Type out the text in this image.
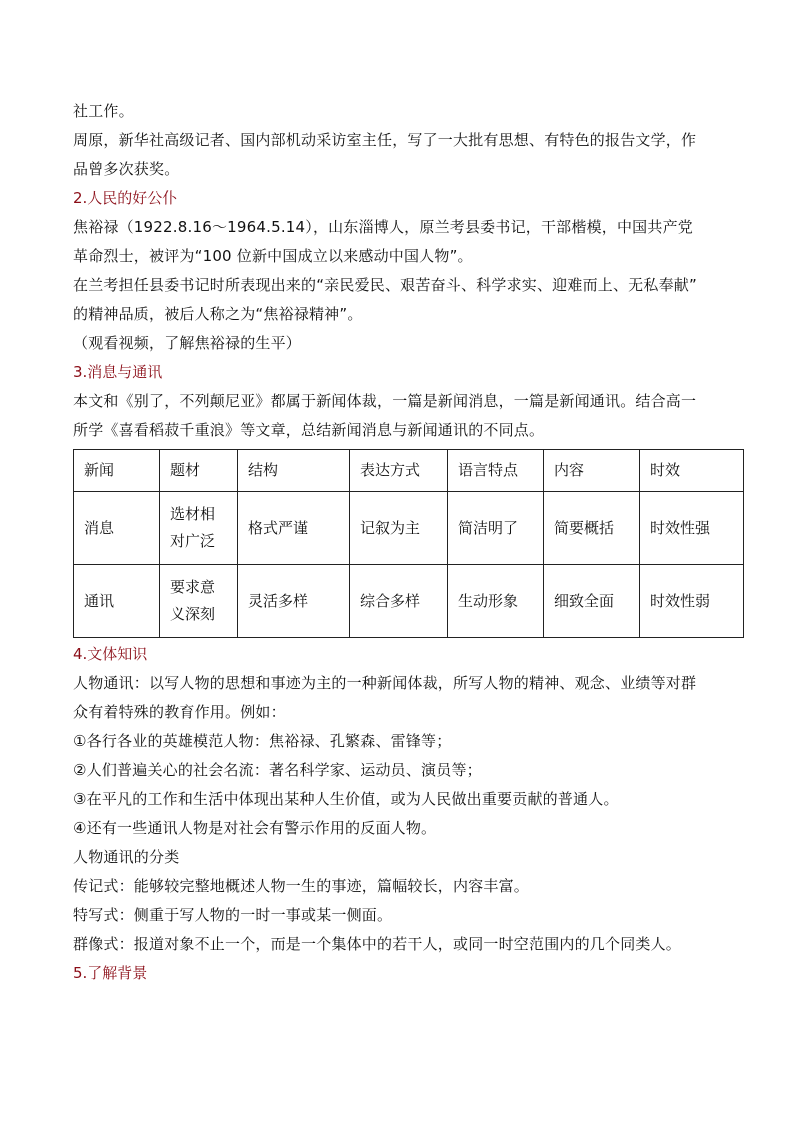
社工作。

周原，新华社高级记者、国内部机动采访室主任，写了一大批有思想、有特色的报告文学，作

品曾多次获奖。

2.人民的好公仆

焦裕禄（1922.8.16～1964.5.14），山东淄博人，原兰考县委书记，干部楷模，中国共产党

革命烈士，被评为“100 位新中国成立以来感动中国人物”。

在兰考担任县委书记时所表现出来的“亲民爱民、艰苦奋斗、科学求实、迎难而上、无私奉献”

的精神品质，被后人称之为“焦裕禄精神”。

（观看视频，了解焦裕禄的生平）

3.消息与通讯

本文和《别了，不列颠尼亚》都属于新闻体裁，一篇是新闻消息，一篇是新闻通讯。结合高一

所学《喜看稻菽千重浪》等文章，总结新闻消息与新闻通讯的不同点。

新闻	题材	结构	表达方式	语言特点	内容	时效
消息	选材相对广泛	格式严谨	记叙为主	简洁明了	简要概括	时效性强
通讯	要求意义深刻	灵活多样	综合多样	生动形象	细致全面	时效性弱

4.文体知识

人物通讯：以写人物的思想和事迹为主的一种新闻体裁，所写人物的精神、观念、业绩等对群

众有着特殊的教育作用。例如：

①各行各业的英雄模范人物：焦裕禄、孔繁森、雷锋等；

②人们普遍关心的社会名流：著名科学家、运动员、演员等；

③在平凡的工作和生活中体现出某种人生价值，或为人民做出重要贡献的普通人。

④还有一些通讯人物是对社会有警示作用的反面人物。

人物通讯的分类

传记式：能够较完整地概述人物一生的事迹，篇幅较长，内容丰富。

特写式：侧重于写人物的一时一事或某一侧面。

群像式：报道对象不止一个，而是一个集体中的若干人，或同一时空范围内的几个同类人。

5.了解背景
